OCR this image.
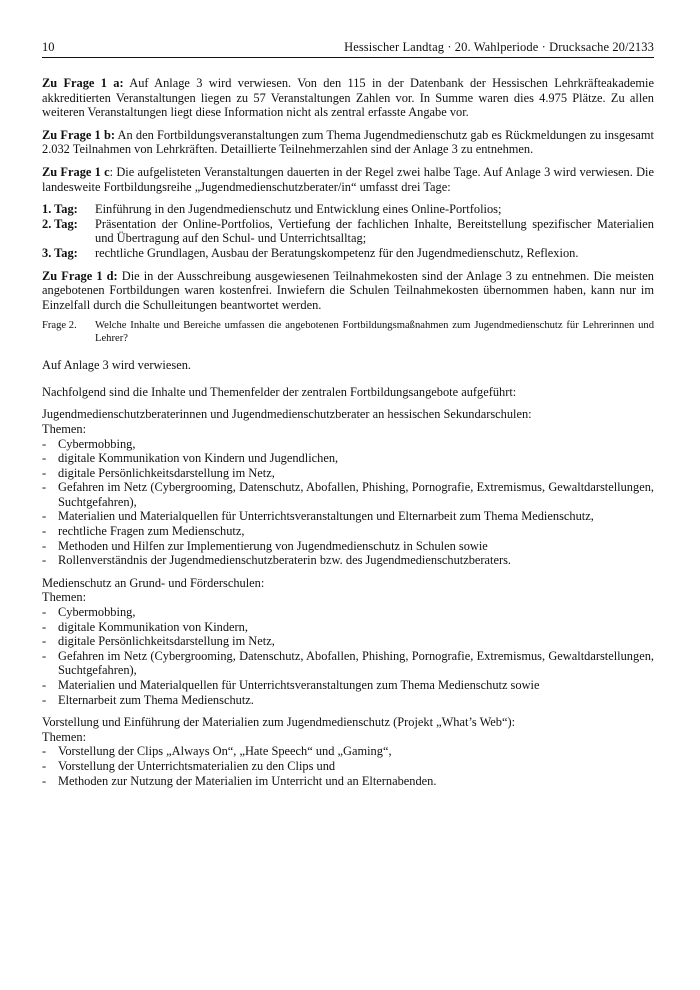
10	Hessischer Landtag · 20. Wahlperiode · Drucksache 20/2133

Zu Frage 1 a: Auf Anlage 3 wird verwiesen. Von den 115 in der Datenbank der Hessischen Lehrkräfteakademie akkreditierten Veranstaltungen liegen zu 57 Veranstaltungen Zahlen vor. In Summe waren dies 4.975 Plätze. Zu allen weiteren Veranstaltungen liegt diese Information nicht als zentral erfasste Angabe vor.

Zu Frage 1 b: An den Fortbildungsveranstaltungen zum Thema Jugendmedienschutz gab es Rückmeldungen zu insgesamt 2.032 Teilnahmen von Lehrkräften. Detaillierte Teilnehmerzahlen sind der Anlage 3 zu entnehmen.

Zu Frage 1 c: Die aufgelisteten Veranstaltungen dauerten in der Regel zwei halbe Tage. Auf Anlage 3 wird verwiesen. Die landesweite Fortbildungsreihe „Jugendmedienschutzberater/in“ umfasst drei Tage:

1. Tag:	Einführung in den Jugendmedienschutz und Entwicklung eines Online-Portfolios;
2. Tag:	Präsentation der Online-Portfolios, Vertiefung der fachlichen Inhalte, Bereitstellung spezifischer Materialien und Übertragung auf den Schul- und Unterrichtsalltag;
3. Tag:	rechtliche Grundlagen, Ausbau der Beratungskompetenz für den Jugendmedienschutz, Reflexion.

Zu Frage 1 d: Die in der Ausschreibung ausgewiesenen Teilnahmekosten sind der Anlage 3 zu entnehmen. Die meisten angebotenen Fortbildungen waren kostenfrei. Inwiefern die Schulen Teilnahmekosten übernommen haben, kann nur im Einzelfall durch die Schulleitungen beantwortet werden.

Frage 2.	Welche Inhalte und Bereiche umfassen die angebotenen Fortbildungsmaßnahmen zum Jugendmedienschutz für Lehrerinnen und Lehrer?

Auf Anlage 3 wird verwiesen.

Nachfolgend sind die Inhalte und Themenfelder der zentralen Fortbildungsangebote aufgeführt:

Jugendmedienschutzberaterinnen und Jugendmedienschutzberater an hessischen Sekundarschulen:

Themen:

- Cybermobbing,
- digitale Kommunikation von Kindern und Jugendlichen,
- digitale Persönlichkeitsdarstellung im Netz,
- Gefahren im Netz (Cybergrooming, Datenschutz, Abofallen, Phishing, Pornografie, Extremismus, Gewaltdarstellungen, Suchtgefahren),
- Materialien und Materialquellen für Unterrichtsveranstaltungen und Elternarbeit zum Thema Medienschutz,
- rechtliche Fragen zum Medienschutz,
- Methoden und Hilfen zur Implementierung von Jugendmedienschutz in Schulen sowie
- Rollenverständnis der Jugendmedienschutzberaterin bzw. des Jugendmedienschutzberaters.

Medienschutz an Grund- und Förderschulen:

Themen:

- Cybermobbing,
- digitale Kommunikation von Kindern,
- digitale Persönlichkeitsdarstellung im Netz,
- Gefahren im Netz (Cybergrooming, Datenschutz, Abofallen, Phishing, Pornografie, Extremismus, Gewaltdarstellungen, Suchtgefahren),
- Materialien und Materialquellen für Unterrichtsveranstaltungen zum Thema Medienschutz sowie
- Elternarbeit zum Thema Medienschutz.

Vorstellung und Einführung der Materialien zum Jugendmedienschutz (Projekt „What’s Web“):

Themen:

- Vorstellung der Clips „Always On“, „Hate Speech“ und „Gaming“,
- Vorstellung der Unterrichtsmaterialien zu den Clips und
- Methoden zur Nutzung der Materialien im Unterricht und an Elternabenden.
